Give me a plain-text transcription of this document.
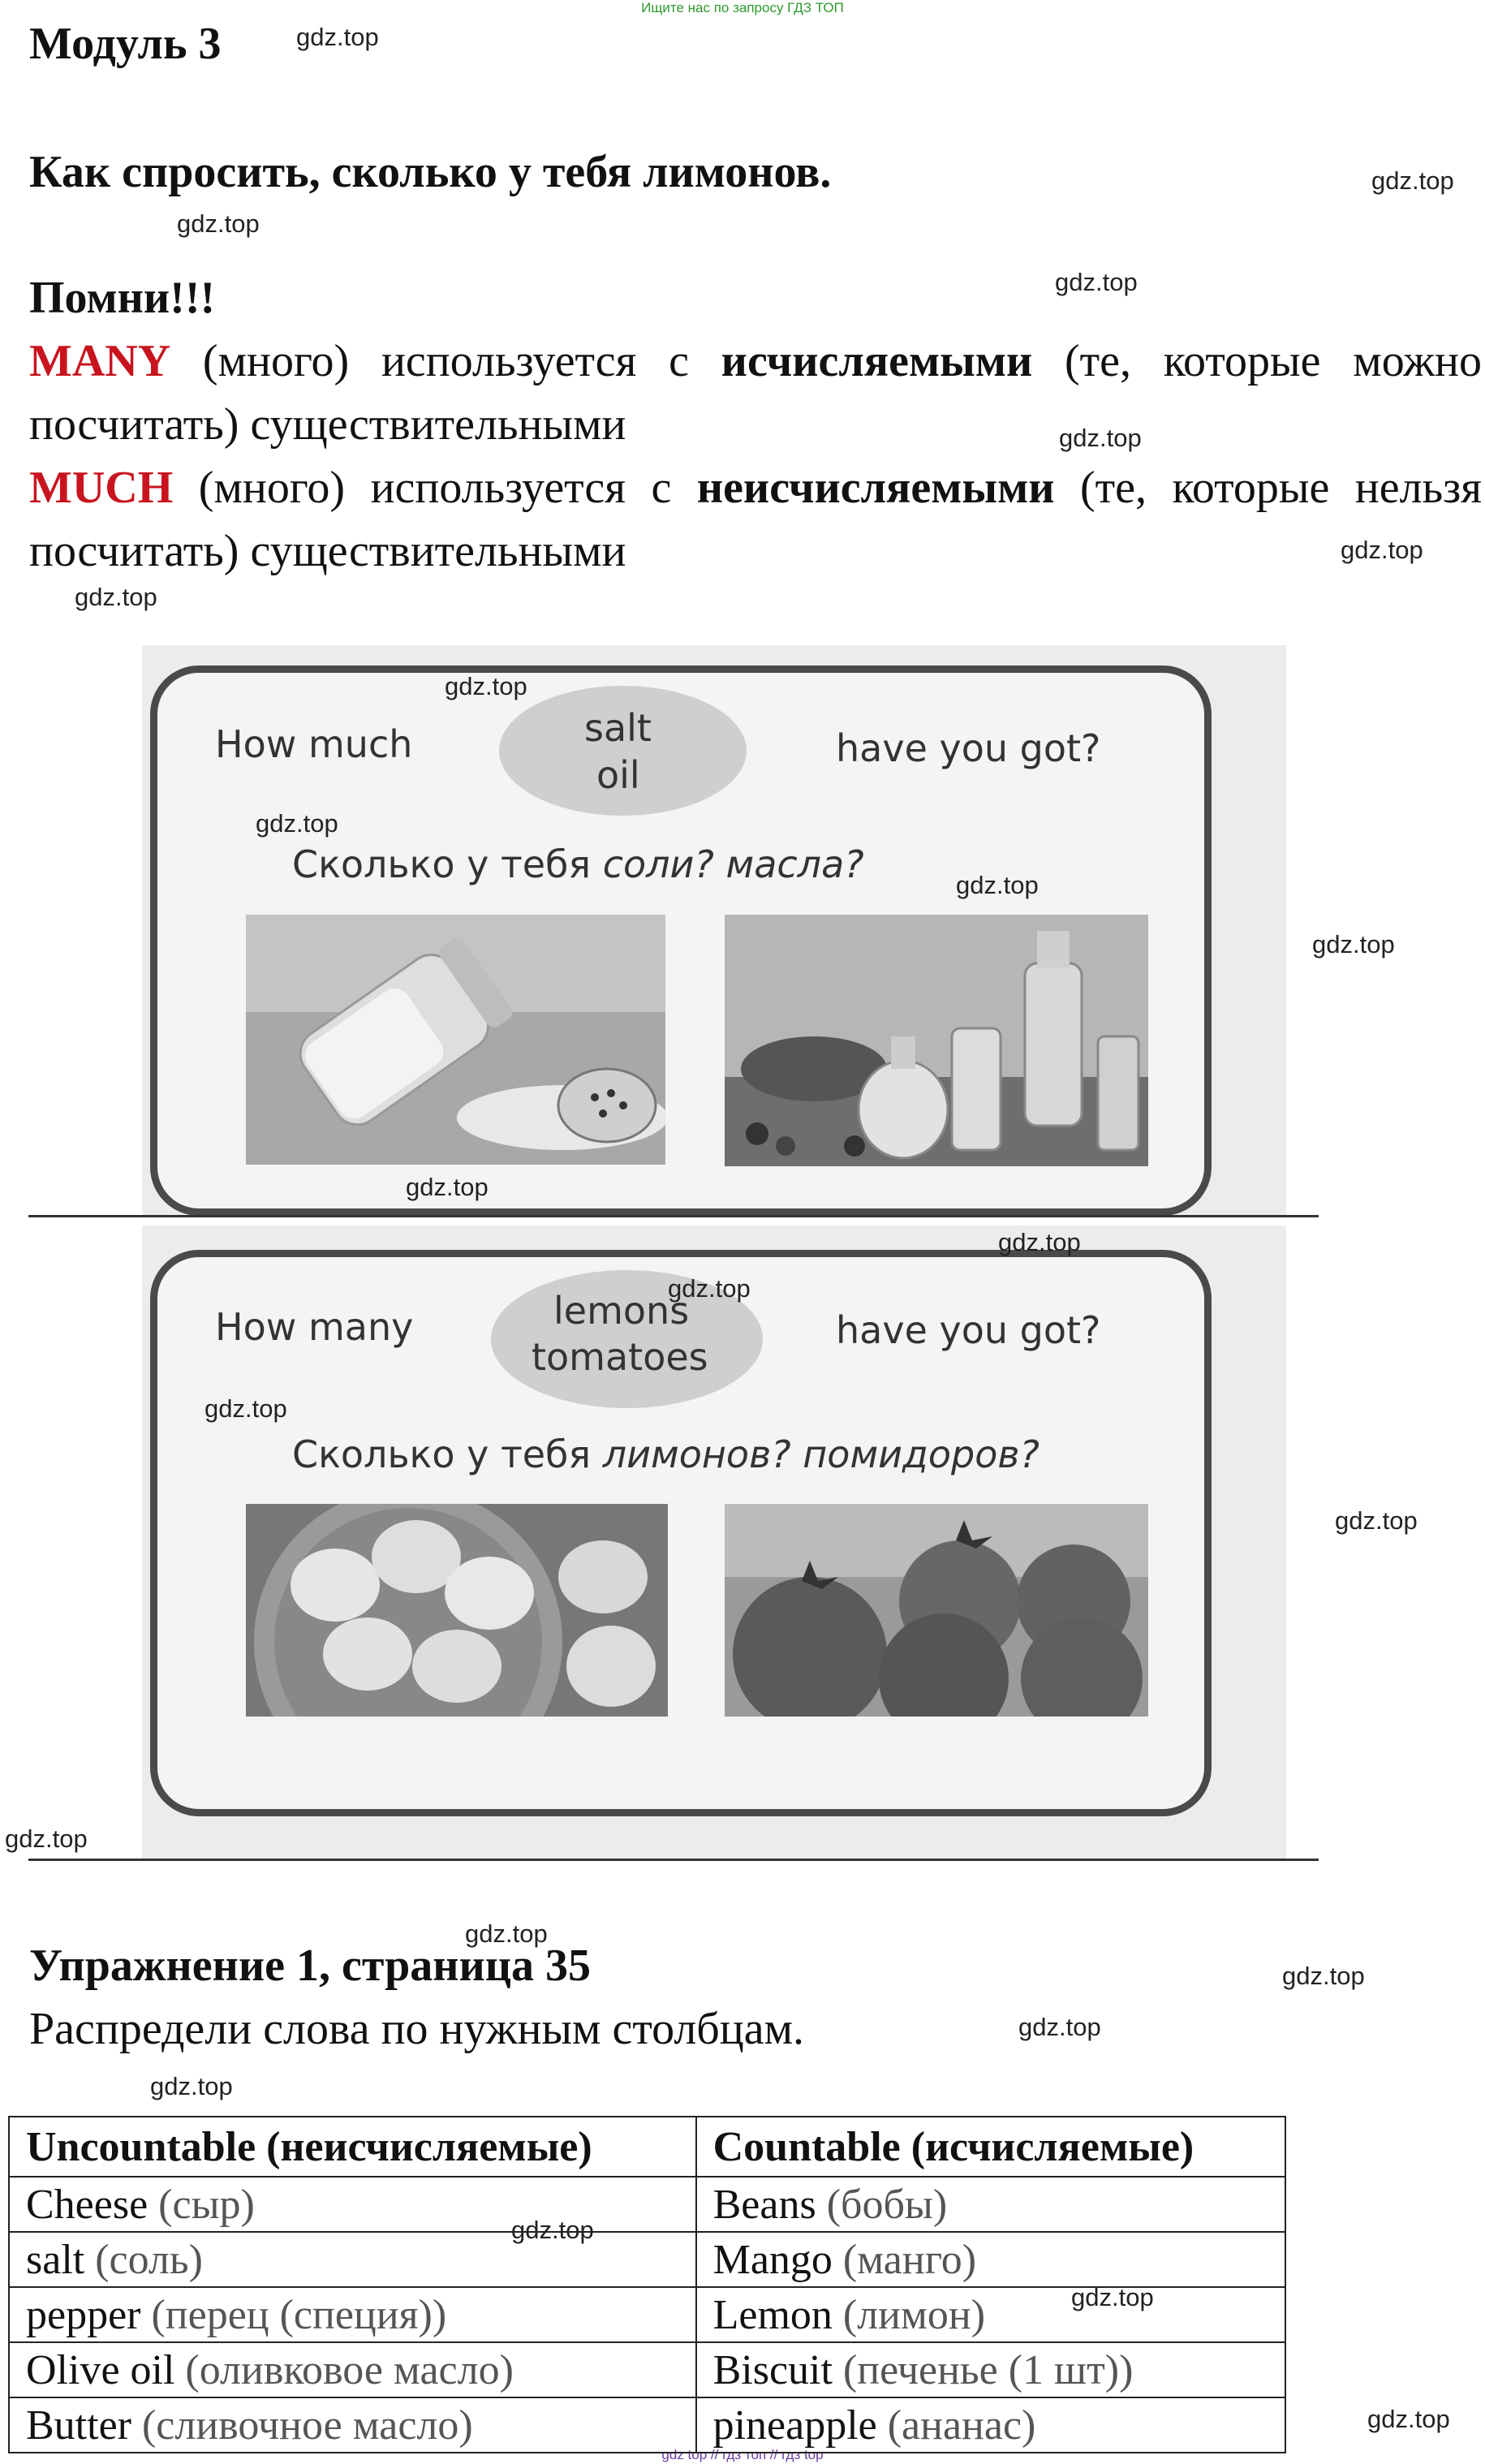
Ищите нас по запросу ГДЗ ТОП
gdz top // гдз топ // гдз top
Модуль 3
Как спросить, сколько у тебя лимонов.
Помни!!!
MANY (много) используется с исчисляемыми (те, которые можно посчитать) существительными
MUCH (много) используется с неисчисляемыми (те, которые нельзя посчитать) существительными
How much	salt
oil
have you got?
Сколько у тебя соли? масла?
How many	lemons
tomatoes
have you got?
Сколько у тебя лимонов? помидоров?
Упражнение 1, страница 35
Распредели слова по нужным столбцам.
Uncountable (неисчисляемые)	Countable (исчисляемые)
Cheese (сыр)	Beans (бобы)
salt (соль)	Mango (манго)
pepper (перец (специя))	Lemon (лимон)
Olive oil (оливковое масло)	Biscuit (печенье (1 шт))
Butter (сливочное масло)	pineapple (ананас)
gdz.top
gdz.top
gdz.top
gdz.top
gdz.top
gdz.top
gdz.top
gdz.top
gdz.top
gdz.top
gdz.top
gdz.top
gdz.top
gdz.top
gdz.top
gdz.top
gdz.top
gdz.top
gdz.top
gdz.top
gdz.top
gdz.top
gdz.top
gdz.top
